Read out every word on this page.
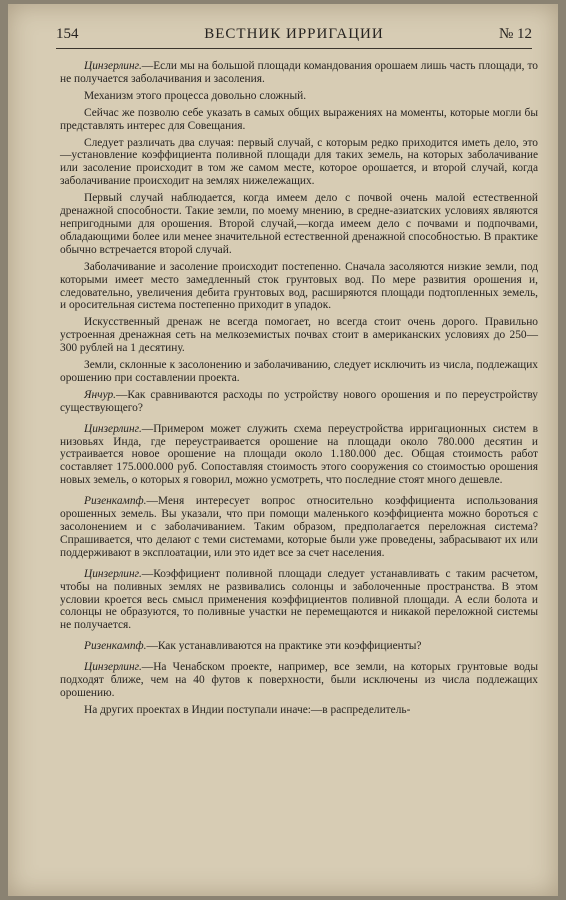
154	ВЕСТНИК ИРРИГАЦИИ	№ 12

Цинзерлинг.—Если мы на большой площади командования орошаем лишь часть площади, то не получается заболачивания и засоления.

Механизм этого процесса довольно сложный.

Сейчас же позволю себе указать в самых общих выражениях на моменты, которые могли бы представлять интерес для Совещания.

Следует различать два случая: первый случай, с которым редко приходится иметь дело, это—установление коэффициента поливной площади для таких земель, на которых заболачивание или засоление происходит в том же самом месте, которое орошается, и второй случай, когда заболачивание происходит на землях нижележащих.

Первый случай наблюдается, когда имеем дело с почвой очень малой естественной дренажной способности. Такие земли, по моему мнению, в средне-азиатских условиях являются непригодными для орошения. Второй случай,—когда имеем дело с почвами и подпочвами, обладающими более или менее значительной естественной дренажной способностью. В практике обычно встречается второй случай.

Заболачивание и засоление происходит постепенно. Сначала засоляются низкие земли, под которыми имеет место замедленный сток грунтовых вод. По мере развития орошения и, следовательно, увеличения дебита грунтовых вод, расширяются площади подтопленных земель, и оросительная система постепенно приходит в упадок.

Искусственный дренаж не всегда помогает, но всегда стоит очень дорого. Правильно устроенная дренажная сеть на мелкоземистых почвах стоит в американских условиях до 250—300 рублей на 1 десятину.

Земли, склонные к засолонению и заболачиванию, следует исключить из числа, подлежащих орошению при составлении проекта.

Янчур.—Как сравниваются расходы по устройству нового орошения и по переустройству существующего?

Цинзерлинг.—Примером может служить схема переустройства ирригационных систем в низовьях Инда, где переустраивается орошение на площади около 780.000 десятин и устраивается новое орошение на площади около 1.180.000 дес. Общая стоимость работ составляет 175.000.000 руб. Сопоставляя стоимость этого сооружения со стоимостью орошения новых земель, о которых я говорил, можно усмотреть, что последние стоят много дешевле.

Ризенкампф.—Меня интересует вопрос относительно коэффициента использования орошенных земель. Вы указали, что при помощи маленького коэффициента можно бороться с засолонением и с заболачиванием. Таким образом, предполагается переложная система? Спрашивается, что делают с теми системами, которые были уже проведены, забрасывают их или поддерживают в эксплоатации, или это идет все за счет населения.

Цинзерлинг.—Коэффициент поливной площади следует устанавливать с таким расчетом, чтобы на поливных землях не развивались солонцы и заболоченные пространства. В этом условии кроется весь смысл применения коэффициентов поливной площади. А если болота и солонцы не образуются, то поливные участки не перемещаются и никакой переложной системы не получается.

Ризенкампф.—Как устанавливаются на практике эти коэффициенты?

Цинзерлинг.—На Ченабском проекте, например, все земли, на которых грунтовые воды подходят ближе, чем на 40 футов к поверхности, были исключены из числа подлежащих орошению.

На других проектах в Индии поступали иначе:—в распределитель-
